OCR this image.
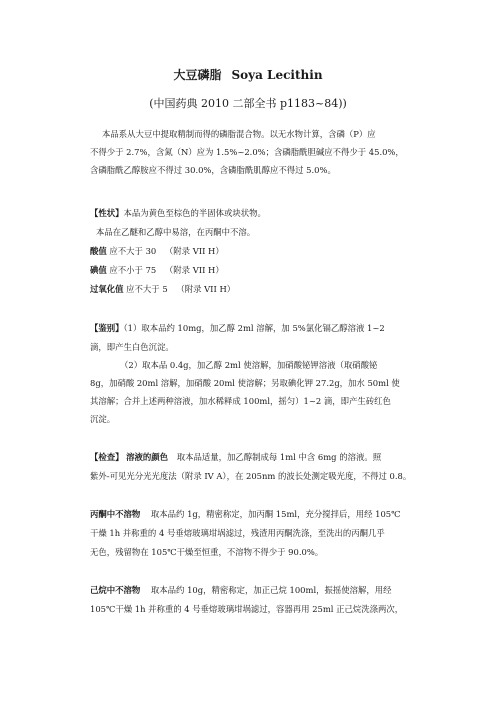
大豆磷脂 Soya Lecithin
(中国药典 2010 二部全书 p1183~84))
本品系从大豆中提取精制而得的磷脂混合物。以无水物计算，含磷（P）应
不得少于 2.7%，含氮（N）应为 1.5%~2.0%；含磷脂酰胆碱应不得少于 45.0%，
含磷脂酰乙醇胺应不得过 30.0%，含磷脂酰肌醇应不得过 5.0%。
【性状】本品为黄色至棕色的半固体或块状物。
本品在乙醚和乙醇中易溶，在丙酮中不溶。
酸值 应不大于 30 （附录 VII H）
碘值 应不小于 75 （附录 VII H）
过氧化值 应不大于 5 （附录 VII H）
【鉴别】（1）取本品约 10mg，加乙醇 2ml 溶解，加 5%氯化镉乙醇溶液 1~2
滴，即产生白色沉淀。
（2）取本品 0.4g，加乙醇 2ml 使溶解，加硝酸铋钾溶液（取硝酸铋
8g，加硝酸 20ml 溶解，加硝酸 20ml 使溶解；另取碘化钾 27.2g，加水 50ml 使
其溶解；合并上述两种溶液，加水稀释成 100ml，摇匀）1~2 滴，即产生砖红色
沉淀。
【检查】 溶液的颜色 取本品适量，加乙醇制成每 1ml 中含 6mg 的溶液。照
紫外-可见光分光光度法（附录 IV A），在 205nm 的波长处测定吸光度，不得过 0.8。
丙酮中不溶物 取本品约 1g，精密称定，加丙酮 15ml，充分搅拌后，用经 105℃
干燥 1h 并称重的 4 号垂熔玻璃坩埚滤过，残渣用丙酮洗涤，至洗出的丙酮几乎
无色，残留物在 105℃干燥至恒重，不溶物不得少于 90.0%。
己烷中不溶物 取本品约 10g，精密称定，加正己烷 100ml，振摇使溶解，用经
105℃干燥 1h 并称重的 4 号垂熔玻璃坩埚滤过，容器再用 25ml 正己烷洗涤两次，
